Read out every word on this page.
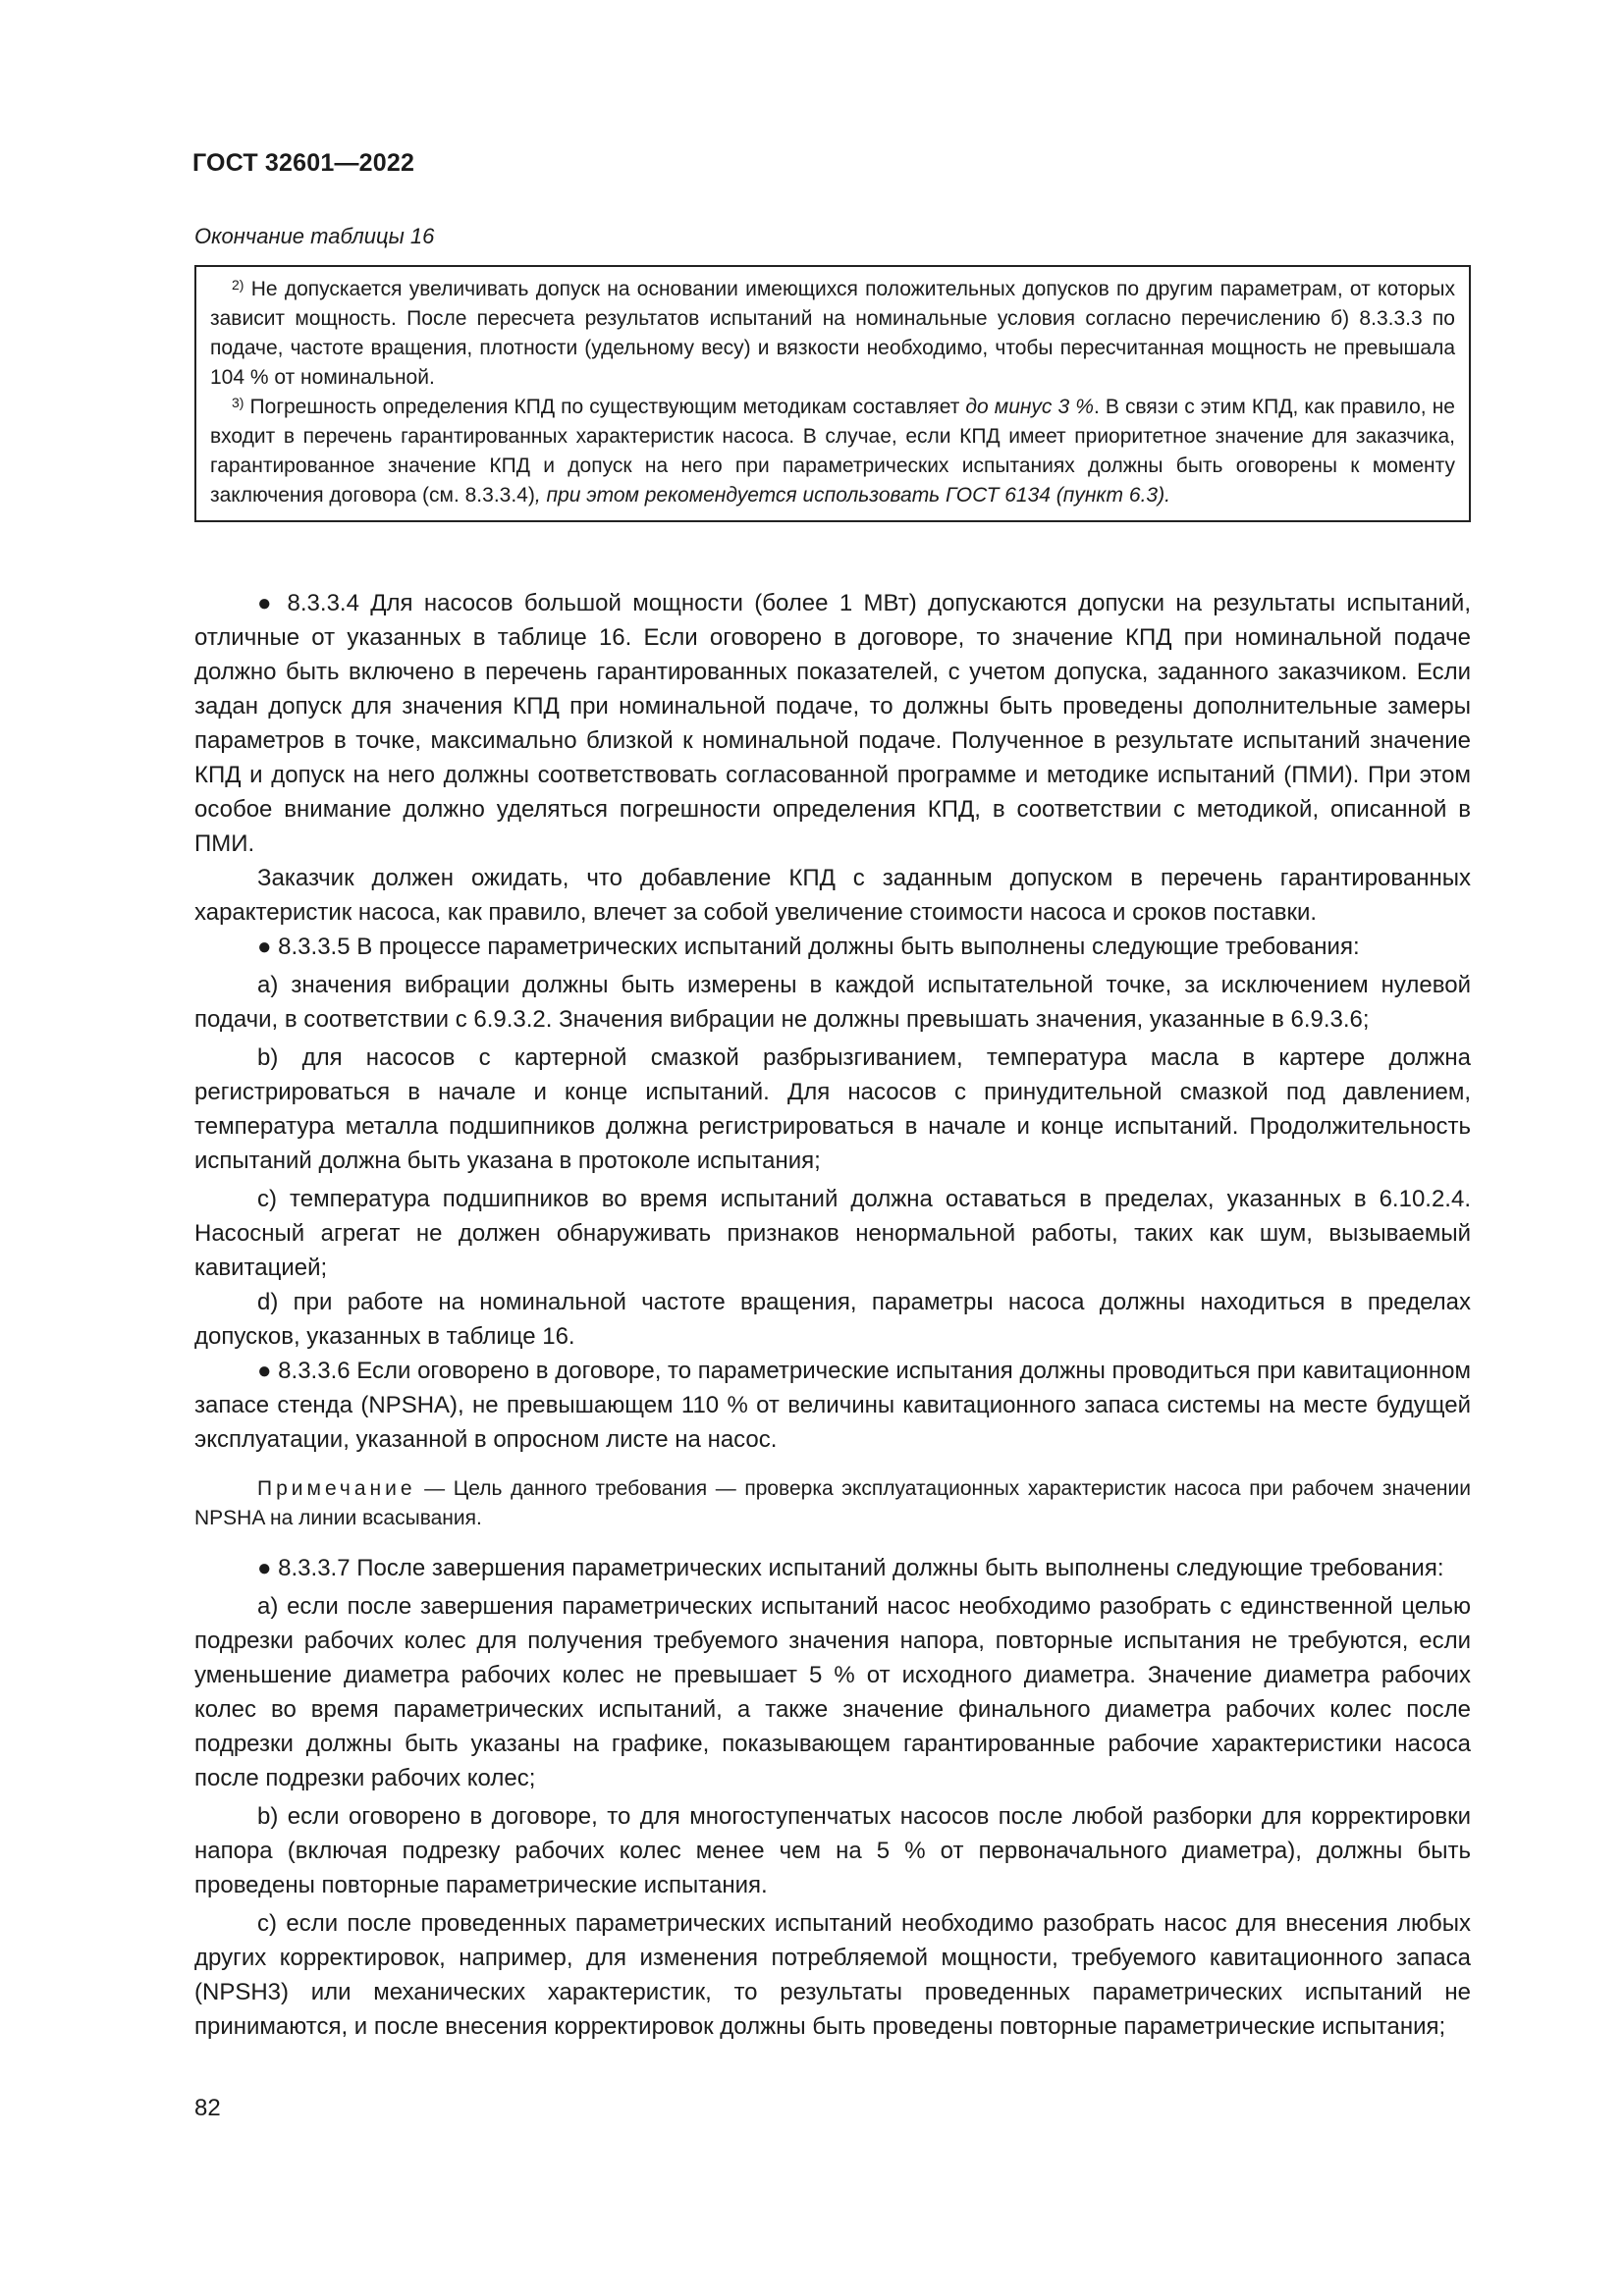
ГОСТ 32601—2022
Окончание таблицы 16

$^{2)}$ Не допускается увеличивать допуск на основании имеющихся положительных допусков по другим параметрам, от которых зависит мощность. После пересчета результатов испытаний на номинальные условия согласно перечислению б) 8.3.3.3 по подаче, частоте вращения, плотности (удельному весу) и вязкости необходимо, чтобы пересчитанная мощность не превышала 104 % от номинальной.

$^{3)}$ Погрешность определения КПД по существующим методикам составляет до минус 3 %. В связи с этим КПД, как правило, не входит в перечень гарантированных характеристик насоса. В случае, если КПД имеет приоритетное значение для заказчика, гарантированное значение КПД и допуск на него при параметрических испытаниях должны быть оговорены к моменту заключения договора (см. 8.3.3.4), при этом рекомендуется использовать ГОСТ 6134 (пункт 6.3).

● 8.3.3.4 Для насосов большой мощности (более 1 МВт) допускаются допуски на результаты испытаний, отличные от указанных в таблице 16. Если оговорено в договоре, то значение КПД при номинальной подаче должно быть включено в перечень гарантированных показателей, с учетом допуска, заданного заказчиком. Если задан допуск для значения КПД при номинальной подаче, то должны быть проведены дополнительные замеры параметров в точке, максимально близкой к номинальной подаче. Полученное в результате испытаний значение КПД и допуск на него должны соответствовать согласованной программе и методике испытаний (ПМИ). При этом особое внимание должно уделяться погрешности определения КПД, в соответствии с методикой, описанной в ПМИ.

Заказчик должен ожидать, что добавление КПД с заданным допуском в перечень гарантированных характеристик насоса, как правило, влечет за собой увеличение стоимости насоса и сроков поставки.

● 8.3.3.5 В процессе параметрических испытаний должны быть выполнены следующие требования:

a) значения вибрации должны быть измерены в каждой испытательной точке, за исключением нулевой подачи, в соответствии с 6.9.3.2. Значения вибрации не должны превышать значения, указанные в 6.9.3.6;

b) для насосов с картерной смазкой разбрызгиванием, температура масла в картере должна регистрироваться в начале и конце испытаний. Для насосов с принудительной смазкой под давлением, температура металла подшипников должна регистрироваться в начале и конце испытаний. Продолжительность испытаний должна быть указана в протоколе испытания;

c) температура подшипников во время испытаний должна оставаться в пределах, указанных в 6.10.2.4. Насосный агрегат не должен обнаруживать признаков ненормальной работы, таких как шум, вызываемый кавитацией;

d) при работе на номинальной частоте вращения, параметры насоса должны находиться в пределах допусков, указанных в таблице 16.

● 8.3.3.6 Если оговорено в договоре, то параметрические испытания должны проводиться при кавитационном запасе стенда (NPSHA), не превышающем 110 % от величины кавитационного запаса системы на месте будущей эксплуатации, указанной в опросном листе на насос.

Примечание — Цель данного требования — проверка эксплуатационных характеристик насоса при рабочем значении NPSHA на линии всасывания.

● 8.3.3.7 После завершения параметрических испытаний должны быть выполнены следующие требования:

a) если после завершения параметрических испытаний насос необходимо разобрать с единственной целью подрезки рабочих колес для получения требуемого значения напора, повторные испытания не требуются, если уменьшение диаметра рабочих колес не превышает 5 % от исходного диаметра. Значение диаметра рабочих колес во время параметрических испытаний, а также значение финального диаметра рабочих колес после подрезки должны быть указаны на графике, показывающем гарантированные рабочие характеристики насоса после подрезки рабочих колес;

b) если оговорено в договоре, то для многоступенчатых насосов после любой разборки для корректировки напора (включая подрезку рабочих колес менее чем на 5 % от первоначального диаметра), должны быть проведены повторные параметрические испытания.

c) если после проведенных параметрических испытаний необходимо разобрать насос для внесения любых других корректировок, например, для изменения потребляемой мощности, требуемого кавитационного запаса (NPSH3) или механических характеристик, то результаты проведенных параметрических испытаний не принимаются, и после внесения корректировок должны быть проведены повторные параметрические испытания;

82
